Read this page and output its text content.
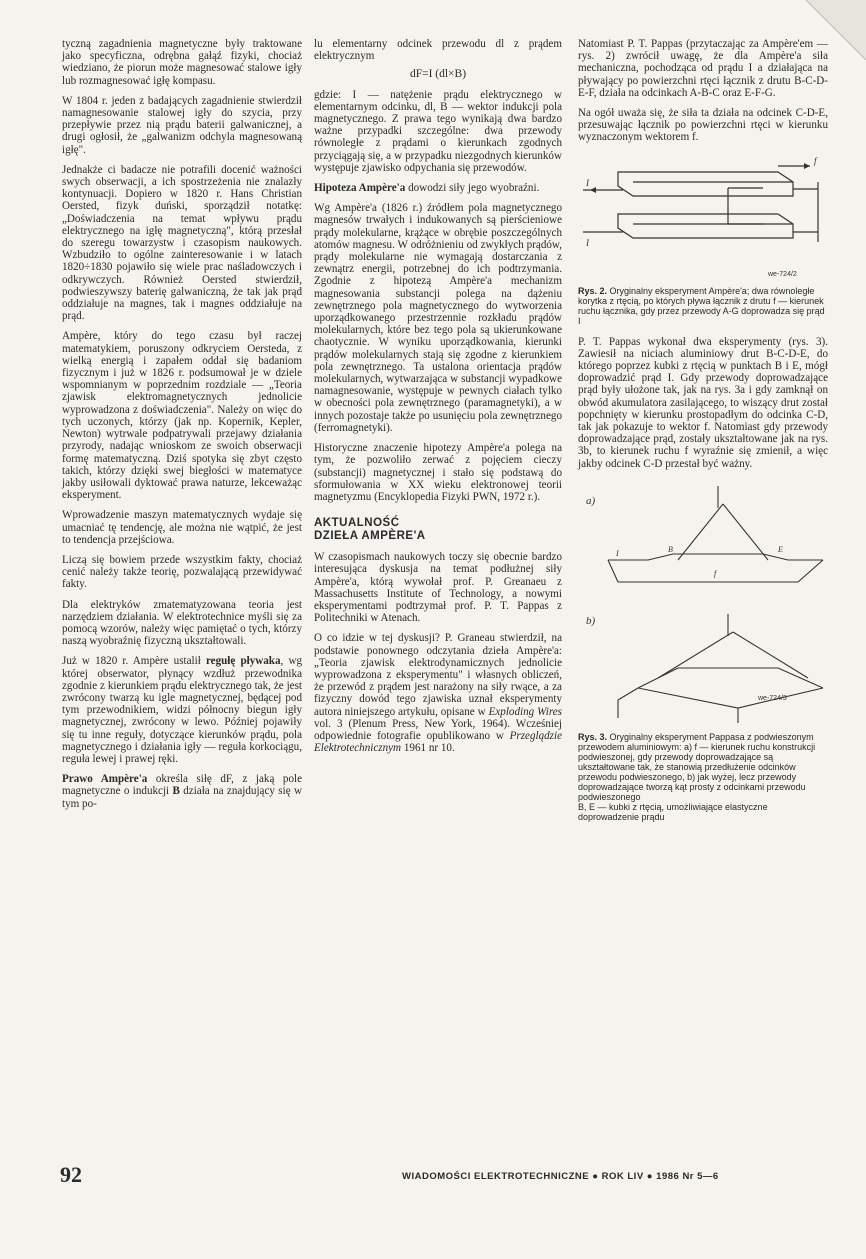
tyczną zagadnienia magnetyczne były traktowane jako specyficzna, odrębna gałąź fizyki, chociaż wiedziano, że piorun może magnesować stalowe igły lub rozmagnesować igłę kompasu.

W 1804 r. jeden z badających zagadnienie stwierdził namagnesowanie stalowej igły do szycia, przy przepływie przez nią prądu baterii galwanicznej, a drugi ogłosił, że „galwanizm odchyla magnesowaną igłę".

Jednakże ci badacze nie potrafili docenić ważności swych obserwacji, a ich spostrzeżenia nie znalazły kontynuacji. Dopiero w 1820 r. Hans Christian Oersted, fizyk duński, sporządził notatkę: „Doświadczenia na temat wpływu prądu elektrycznego na igłę magnetyczną", którą przesłał do szeregu towarzystw i czasopism naukowych. Wzbudziło to ogólne zainteresowanie i w latach 1820÷1830 pojawiło się wiele prac naśladowczych i odkrywczych. Również Oersted stwierdził, podwieszywszy baterię galwaniczną, że tak jak prąd oddziałuje na magnes, tak i magnes oddziałuje na prąd.

Ampère, który do tego czasu był raczej matematykiem, poruszony odkryciem Oersteda, z wielką energią i zapałem oddał się badaniom fizycznym i już w 1826 r. podsumował je w dziele wspomnianym w poprzednim rozdziale — „Teoria zjawisk elektromagnetycznych jednolicie wyprowadzona z doświadczenia". Należy on więc do tych uczonych, którzy (jak np. Kopernik, Kepler, Newton) wytrwale podpatrywali przejawy działania przyrody, nadając wnioskom ze swoich obserwacji formę matematyczną. Dziś spotyka się zbyt często takich, którzy dzięki swej biegłości w matematyce jakby usiłowali dyktować prawa naturze, lekceważąc eksperyment.

Wprowadzenie maszyn matematycznych wydaje się umacniać tę tendencję, ale można nie wątpić, że jest to tendencja przejściowa.

Liczą się bowiem przede wszystkim fakty, chociaż cenić należy także teorię, pozwalającą przewidywać fakty.

Dla elektryków zmatematyzowana teoria jest narzędziem działania. W elektrotechnice myśli się za pomocą wzorów, należy więc pamiętać o tych, którzy naszą wyobraźnię fizyczną ukształtowali.

Już w 1820 r. Ampère ustalił regułę pływaka, wg której obserwator, płynący wzdłuż przewodnika zgodnie z kierunkiem prądu elektrycznego tak, że jest zwrócony twarzą ku igle magnetycznej, będącej pod tym przewodnikiem, widzi północny biegun igły magnetycznej, zwrócony w lewo. Później pojawiły się tu inne reguły, dotyczące kierunków prądu, pola magnetycznego i działania igły — reguła korkociągu, reguła lewej i prawej ręki.

Prawo Ampère'a określa siłę dF, z jaką pole magnetyczne o indukcji B działa na znajdujący się w tym po-

lu elementarny odcinek przewodu dl z prądem elektrycznym

dF=I (dl×B)

gdzie: I — natężenie prądu elektrycznego w elementarnym odcinku, dl, B — wektor indukcji pola magnetycznego. Z prawa tego wynikają dwa bardzo ważne przypadki szczególne: dwa przewody równoległe z prądami o kierunkach zgodnych przyciągają się, a w przypadku niezgodnych kierunków występuje zjawisko odpychania się przewodów.

Hipoteza Ampère'a dowodzi siły jego wyobraźni.

Wg Ampère'a (1826 r.) źródłem pola magnetycznego magnesów trwałych i indukowanych są pierścieniowe prądy molekularne, krążące w obrębie poszczególnych atomów magnesu. W odróżnieniu od zwykłych prądów, prądy molekularne nie wymagają dostarczania z zewnątrz energii, potrzebnej do ich podtrzymania. Zgodnie z hipotezą Ampère'a mechanizm magnesowania substancji polega na dążeniu zewnętrznego pola magnetycznego do wytworzenia uporządkowanego przestrzennie rozkładu prądów molekularnych, które bez tego pola są ukierunkowane chaotycznie. W wyniku uporządkowania, kierunki prądów molekularnych stają się zgodne z kierunkiem pola zewnętrznego. Ta ustalona orientacja prądów molekularnych, wytwarzająca w substancji wypadkowe namagnesowanie, występuje w pewnych ciałach tylko w obecności pola zewnętrznego (paramagnetyki), a w innych pozostaje także po usunięciu pola zewnętrznego (ferromagnetyki).

Historyczne znaczenie hipotezy Ampère'a polega na tym, że pozwoliło zerwać z pojęciem cieczy (substancji) magnetycznej i stało się podstawą do sformułowania w XX wieku elektronowej teorii magnetyzmu (Encyklopedia Fizyki PWN, 1972 r.).

AKTUALNOŚĆ
DZIEŁA AMPÈRE'A

W czasopismach naukowych toczy się obecnie bardzo interesująca dyskusja na temat podłużnej siły Ampère'a, którą wywołał prof. P. Greanaeu z Massachusetts Institute of Technology, a nowymi eksperymentami podtrzymał prof. P. T. Pappas z Politechniki w Atenach.

O co idzie w tej dyskusji? P. Graneau stwierdził, na podstawie ponownego odczytania dzieła Ampère'a: „Teoria zjawisk elektrodynamicznych jednolicie wyprowadzona z eksperymentu" i własnych obliczeń, że przewód z prądem jest narażony na siły rwące, a za fizyczny dowód tego zjawiska uznał eksperymenty autora niniejszego artykułu, opisane w Exploding Wires vol. 3 (Plenum Press, New York, 1964). Wcześniej odpowiednie fotografie opublikowano w Przeglądzie Elektrotechnicznym 1961 nr 10.

Natomiast P. T. Pappas (przytaczając za Ampère'em — rys. 2) zwrócił uwagę, że dla Ampère'a siła mechaniczna, pochodząca od prądu I a działająca na pływający po powierzchni rtęci łącznik z drutu B-C-D-E-F, działa na odcinkach A-B-C oraz E-F-G.

Na ogół uważa się, że siła ta działa na odcinek C-D-E, przesuwając łącznik po powierzchni rtęci w kierunku wyznaczonym wektorem f.

I
I
f
we-724/2
Rys. 2. Oryginalny eksperyment Ampère'a; dwa równoległe korytka z rtęcią, po których pływa łącznik z drutu f — kierunek ruchu łącznika, gdy przez przewody A-G doprowadza się prąd I

P. T. Pappas wykonał dwa eksperymenty (rys. 3). Zawiesił na niciach aluminiowy drut B-C-D-E, do którego poprzez kubki z rtęcią w punktach B i E, mógł doprowadzić prąd I. Gdy przewody doprowadzające prąd były ułożone tak, jak na rys. 3a i gdy zamknął on obwód akumulatora zasilającego, to wiszący drut został popchnięty w kierunku prostopadłym do odcinka C-D, tak jak pokazuje to wektor f. Natomiast gdy przewody doprowadzające prąd, zostały ukształtowane jak na rys. 3b, to kierunek ruchu f wyraźnie się zmienił, a więc jakby odcinek C-D przestał być ważny.

a)
b)
I	B	E
f
we-724/3
Rys. 3. Oryginalny eksperyment Pappasa z podwieszonym przewodem aluminiowym: a) f — kierunek ruchu konstrukcji podwieszonej, gdy przewody doprowadzające są ukształtowane tak, że stanowią przedłużenie odcinków przewodu podwieszonego, b) jak wyżej, lecz przewody doprowadzające tworzą kąt prosty z odcinkami przewodu podwieszonego
B, E — kubki z rtęcią, umożliwiające elastyczne doprowadzenie prądu
92	WIADOMOŚCI ELEKTROTECHNICZNE ● ROK LIV ● 1986 Nr 5—6
